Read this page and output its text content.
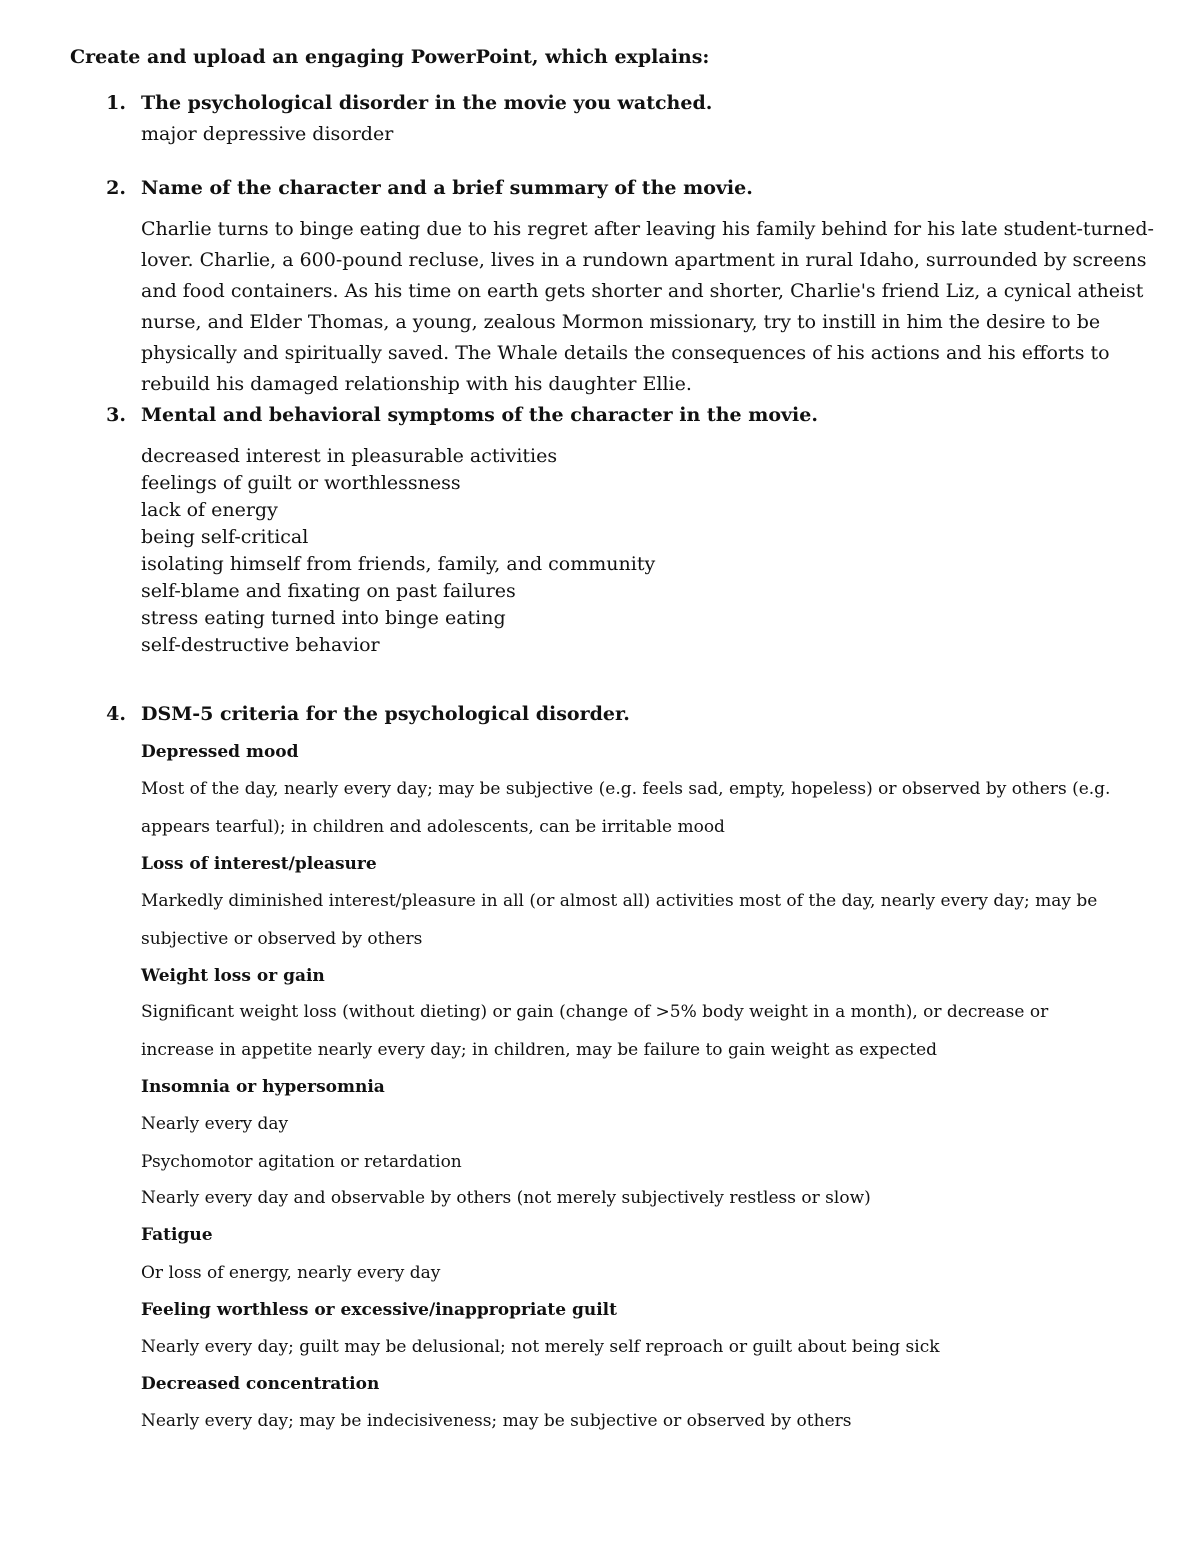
Create and upload an engaging PowerPoint, which explains:
1. The psychological disorder in the movie you watched.
major depressive disorder
2. Name of the character and a brief summary of the movie.
Charlie turns to binge eating due to his regret after leaving his family behind for his late student-turned-
lover. Charlie, a 600-pound recluse, lives in a rundown apartment in rural Idaho, surrounded by screens
and food containers. As his time on earth gets shorter and shorter, Charlie's friend Liz, a cynical atheist
nurse, and Elder Thomas, a young, zealous Mormon missionary, try to instill in him the desire to be
physically and spiritually saved. The Whale details the consequences of his actions and his efforts to
rebuild his damaged relationship with his daughter Ellie.
3. Mental and behavioral symptoms of the character in the movie.
decreased interest in pleasurable activities
feelings of guilt or worthlessness
lack of energy
being self-critical
isolating himself from friends, family, and community
self-blame and fixating on past failures
stress eating turned into binge eating
self-destructive behavior
4. DSM-5 criteria for the psychological disorder.
Depressed mood
Most of the day, nearly every day; may be subjective (e.g. feels sad, empty, hopeless) or observed by others (e.g.
appears tearful); in children and adolescents, can be irritable mood
Loss of interest/pleasure
Markedly diminished interest/pleasure in all (or almost all) activities most of the day, nearly every day; may be
subjective or observed by others
Weight loss or gain
Significant weight loss (without dieting) or gain (change of >5% body weight in a month), or decrease or
increase in appetite nearly every day; in children, may be failure to gain weight as expected
Insomnia or hypersomnia
Nearly every day
Psychomotor agitation or retardation
Nearly every day and observable by others (not merely subjectively restless or slow)
Fatigue
Or loss of energy, nearly every day
Feeling worthless or excessive/inappropriate guilt
Nearly every day; guilt may be delusional; not merely self reproach or guilt about being sick
Decreased concentration
Nearly every day; may be indecisiveness; may be subjective or observed by others
